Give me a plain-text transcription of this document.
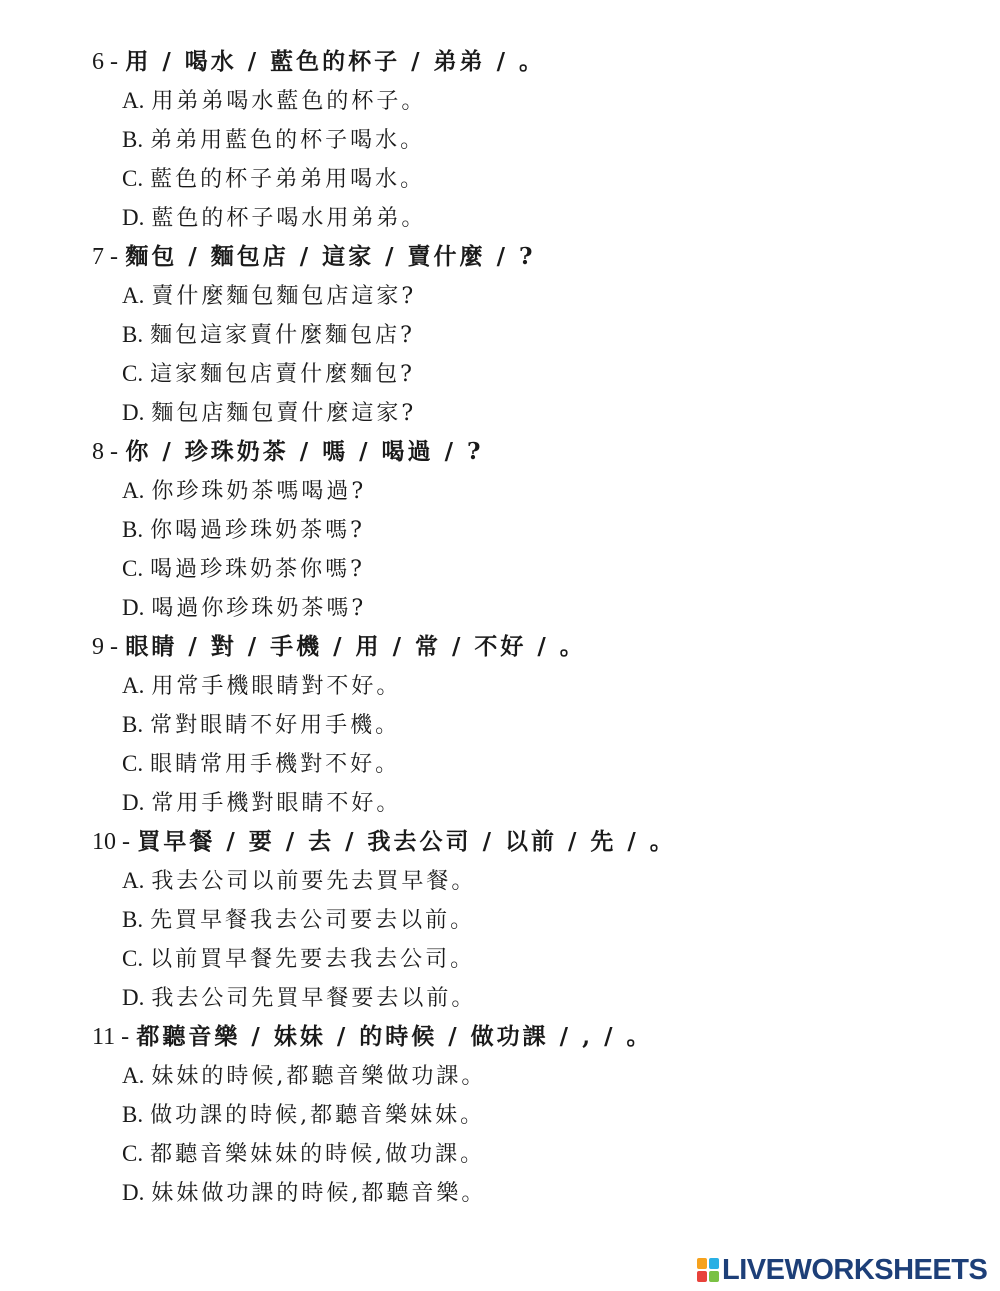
6 - 用 / 喝水 / 藍色的杯子 / 弟弟 / 。
A. 用弟弟喝水藍色的杯子。
B. 弟弟用藍色的杯子喝水。
C. 藍色的杯子弟弟用喝水。
D. 藍色的杯子喝水用弟弟。
7 - 麵包 / 麵包店 / 這家 / 賣什麼 / ?
A. 賣什麼麵包麵包店這家?
B. 麵包這家賣什麼麵包店?
C. 這家麵包店賣什麼麵包?
D. 麵包店麵包賣什麼這家?
8 - 你 / 珍珠奶茶 / 嗎 / 喝過 / ?
A. 你珍珠奶茶嗎喝過?
B. 你喝過珍珠奶茶嗎?
C. 喝過珍珠奶茶你嗎?
D. 喝過你珍珠奶茶嗎?
9 - 眼睛 / 對 / 手機 / 用 / 常 / 不好 / 。
A. 用常手機眼睛對不好。
B. 常對眼睛不好用手機。
C. 眼睛常用手機對不好。
D. 常用手機對眼睛不好。
10 - 買早餐 / 要 / 去 / 我去公司 / 以前 / 先 / 。
A. 我去公司以前要先去買早餐。
B. 先買早餐我去公司要去以前。
C. 以前買早餐先要去我去公司。
D. 我去公司先買早餐要去以前。
11 - 都聽音樂 / 妹妹 / 的時候 / 做功課 / , / 。
A. 妹妹的時候,都聽音樂做功課。
B. 做功課的時候,都聽音樂妹妹。
C. 都聽音樂妹妹的時候,做功課。
D. 妹妹做功課的時候,都聽音樂。
LIVEWORKSHEETS
